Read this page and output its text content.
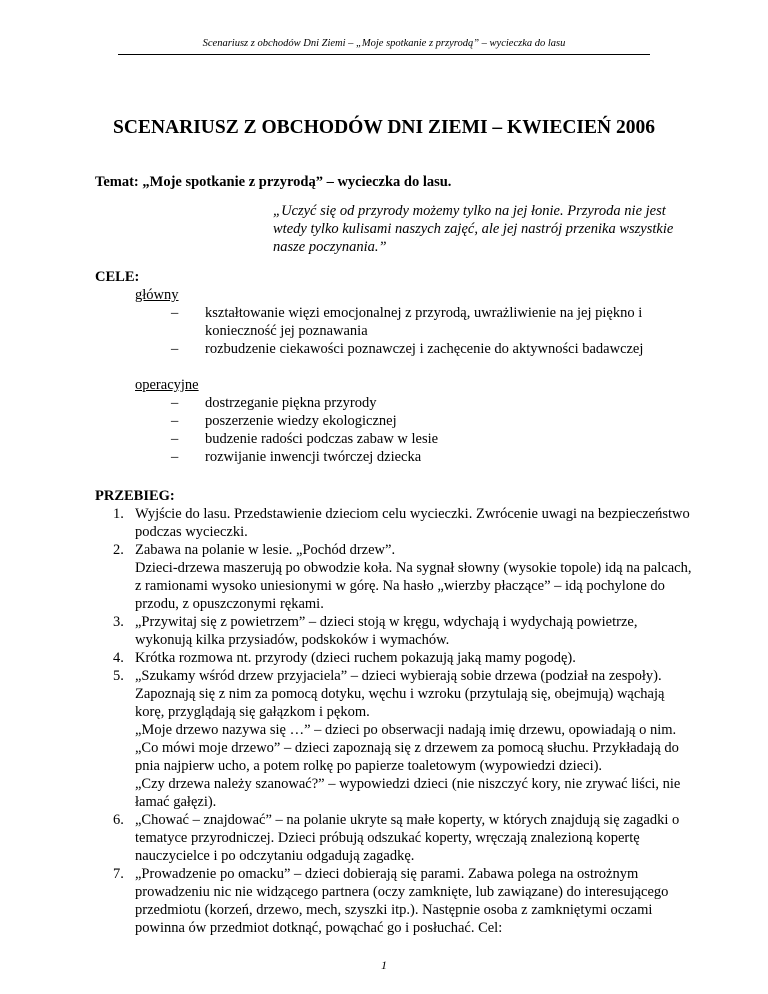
Scenariusz z obchodów Dni Ziemi – „Moje spotkanie z przyrodą” – wycieczka do lasu
SCENARIUSZ Z OBCHODÓW DNI ZIEMI – KWIECIEŃ 2006
Temat: „Moje spotkanie z przyrodą” – wycieczka do lasu.
„Uczyć się od przyrody możemy tylko na jej łonie. Przyroda nie jest wtedy tylko kulisami naszych zajęć, ale jej nastrój przenika wszystkie nasze poczynania.”
CELE:
główny
– kształtowanie więzi emocjonalnej z przyrodą, uwrażliwienie na jej piękno i konieczność jej poznawania
– rozbudzenie ciekawości poznawczej i zachęcenie do aktywności badawczej
operacyjne
– dostrzeganie piękna przyrody
– poszerzenie wiedzy ekologicznej
– budzenie radości podczas zabaw w lesie
– rozwijanie inwencji twórczej dziecka
PRZEBIEG:
1. Wyjście do lasu. Przedstawienie dzieciom celu wycieczki. Zwrócenie uwagi na bezpieczeństwo podczas wycieczki.

2. Zabawa na polanie w lesie. „Pochód drzew”.

Dzieci-drzewa maszerują po obwodzie koła. Na sygnał słowny (wysokie topole) idą na palcach, z ramionami wysoko uniesionymi w górę. Na hasło „wierzby płaczące” – idą pochylone do przodu, z opuszczonymi rękami.

3. „Przywitaj się z powietrzem” – dzieci stoją w kręgu, wdychają i wydychają powietrze, wykonują kilka przysiadów, podskoków i wymachów.

4. Krótka rozmowa nt. przyrody (dzieci ruchem pokazują jaką mamy pogodę).

5. „Szukamy wśród drzew przyjaciela” – dzieci wybierają sobie drzewa (podział na zespoły). Zapoznają się z nim za pomocą dotyku, węchu i wzroku (przytulają się, obejmują) wąchają korę, przyglądają się gałązkom i pękom.

„Moje drzewo nazywa się …” – dzieci po obserwacji nadają imię drzewu, opowiadają o nim.

„Co mówi moje drzewo” – dzieci zapoznają się z drzewem za pomocą słuchu. Przykładają do pnia najpierw ucho, a potem rolkę po papierze toaletowym (wypowiedzi dzieci).

„Czy drzewa należy szanować?” – wypowiedzi dzieci (nie niszczyć kory, nie zrywać liści, nie łamać gałęzi).

6. „Chować – znajdować” – na polanie ukryte są małe koperty, w których znajdują się zagadki o tematyce przyrodniczej. Dzieci próbują odszukać koperty, wręczają znalezioną kopertę nauczycielce i po odczytaniu odgadują zagadkę.

7. „Prowadzenie po omacku” – dzieci dobierają się parami. Zabawa polega na ostrożnym prowadzeniu nic nie widzącego partnera (oczy zamknięte, lub zawiązane) do interesującego przedmiotu (korzeń, drzewo, mech, szyszki itp.). Następnie osoba z zamkniętymi oczami powinna ów przedmiot dotknąć, powąchać go i posłuchać. Cel:

1
